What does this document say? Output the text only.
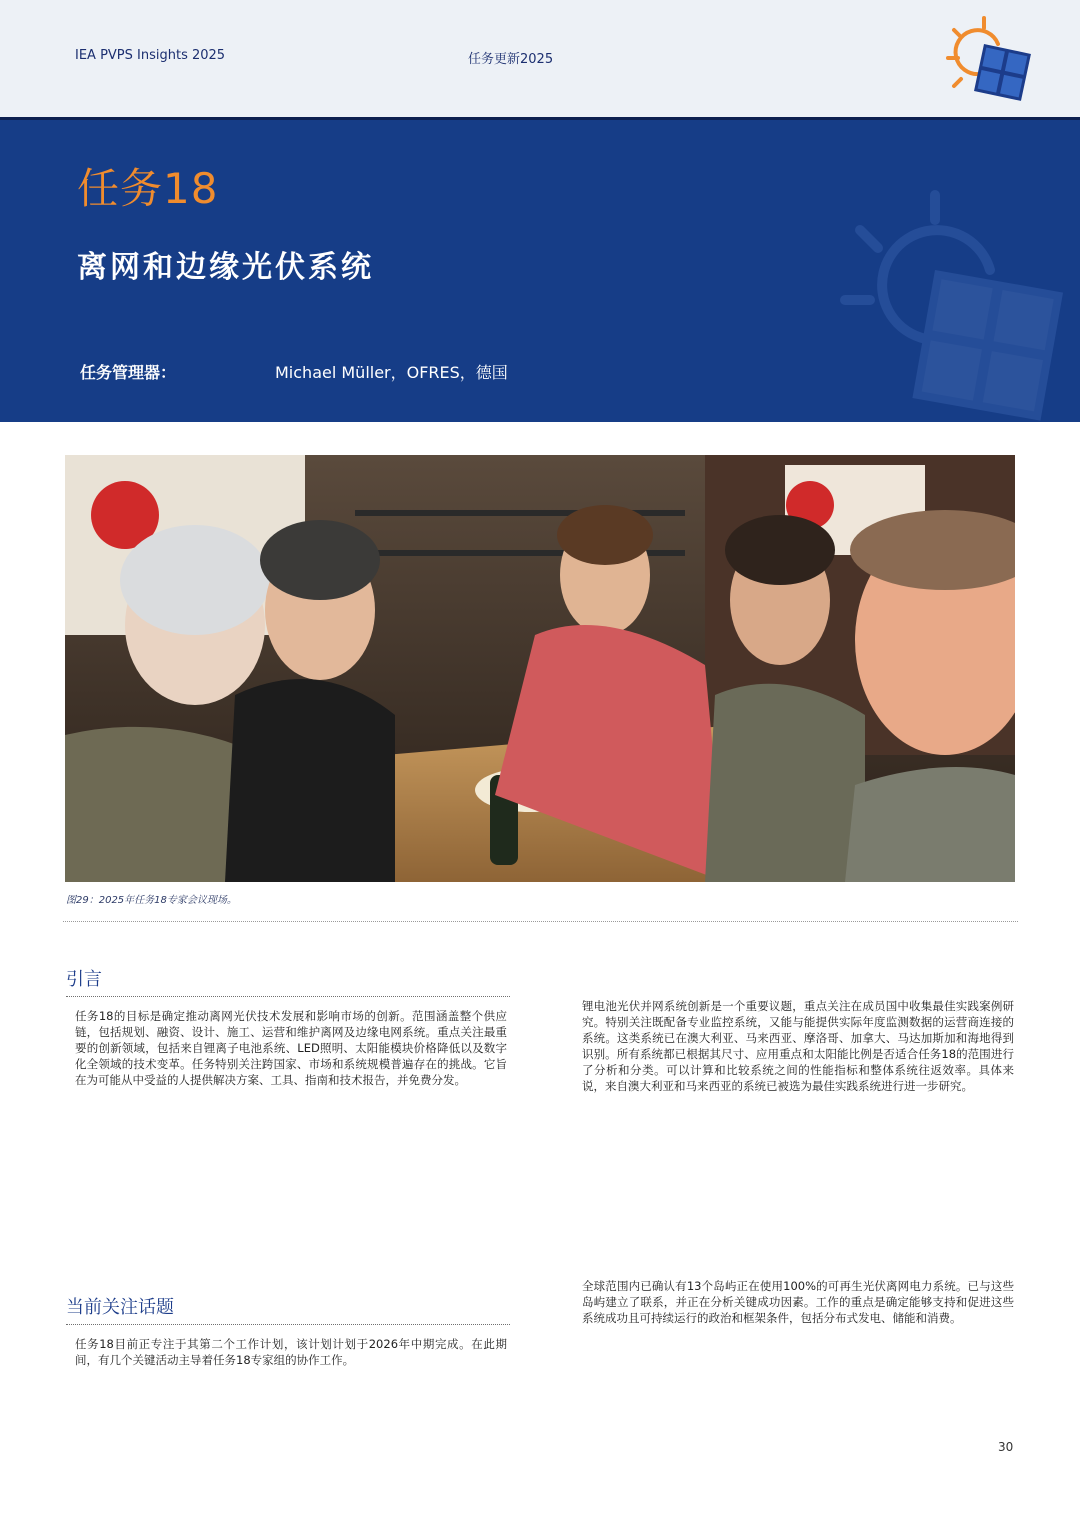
IEA PVPS Insights 2025	任务更新2025
任务18
离网和边缘光伏系统
任务管理器：	Michael Müller，OFRES，德国
图29：2025年任务18专家会议现场。
引言

任务18的目标是确定推动离网光伏技术发展和影响市场的创新。范围涵盖整个供应链，包括规划、融资、设计、施工、运营和维护离网及边缘电网系统。重点关注最重要的创新领域，包括来自锂离子电池系统、LED照明、太阳能模块价格降低以及数字化全领域的技术变革。任务特别关注跨国家、市场和系统规模普遍存在的挑战。它旨在为可能从中受益的人提供解决方案、工具、指南和技术报告，并免费分发。

当前关注话题

任务18目前正专注于其第二个工作计划，该计划计划于2026年中期完成。在此期间，有几个关键活动主导着任务18专家组的协作工作。

锂电池光伏并网系统创新是一个重要议题，重点关注在成员国中收集最佳实践案例研究。特别关注既配备专业监控系统，又能与能提供实际年度监测数据的运营商连接的系统。这类系统已在澳大利亚、马来西亚、摩洛哥、加拿大、马达加斯加和海地得到识别。所有系统都已根据其尺寸、应用重点和太阳能比例是否适合任务18的范围进行了分析和分类。可以计算和比较系统之间的性能指标和整体系统往返效率。具体来说，来自澳大利亚和马来西亚的系统已被选为最佳实践系统进行进一步研究。

全球范围内已确认有13个岛屿正在使用100%的可再生光伏离网电力系统。已与这些岛屿建立了联系，并正在分析关键成功因素。工作的重点是确定能够支持和促进这些系统成功且可持续运行的政治和框架条件，包括分布式发电、储能和消费。

30
